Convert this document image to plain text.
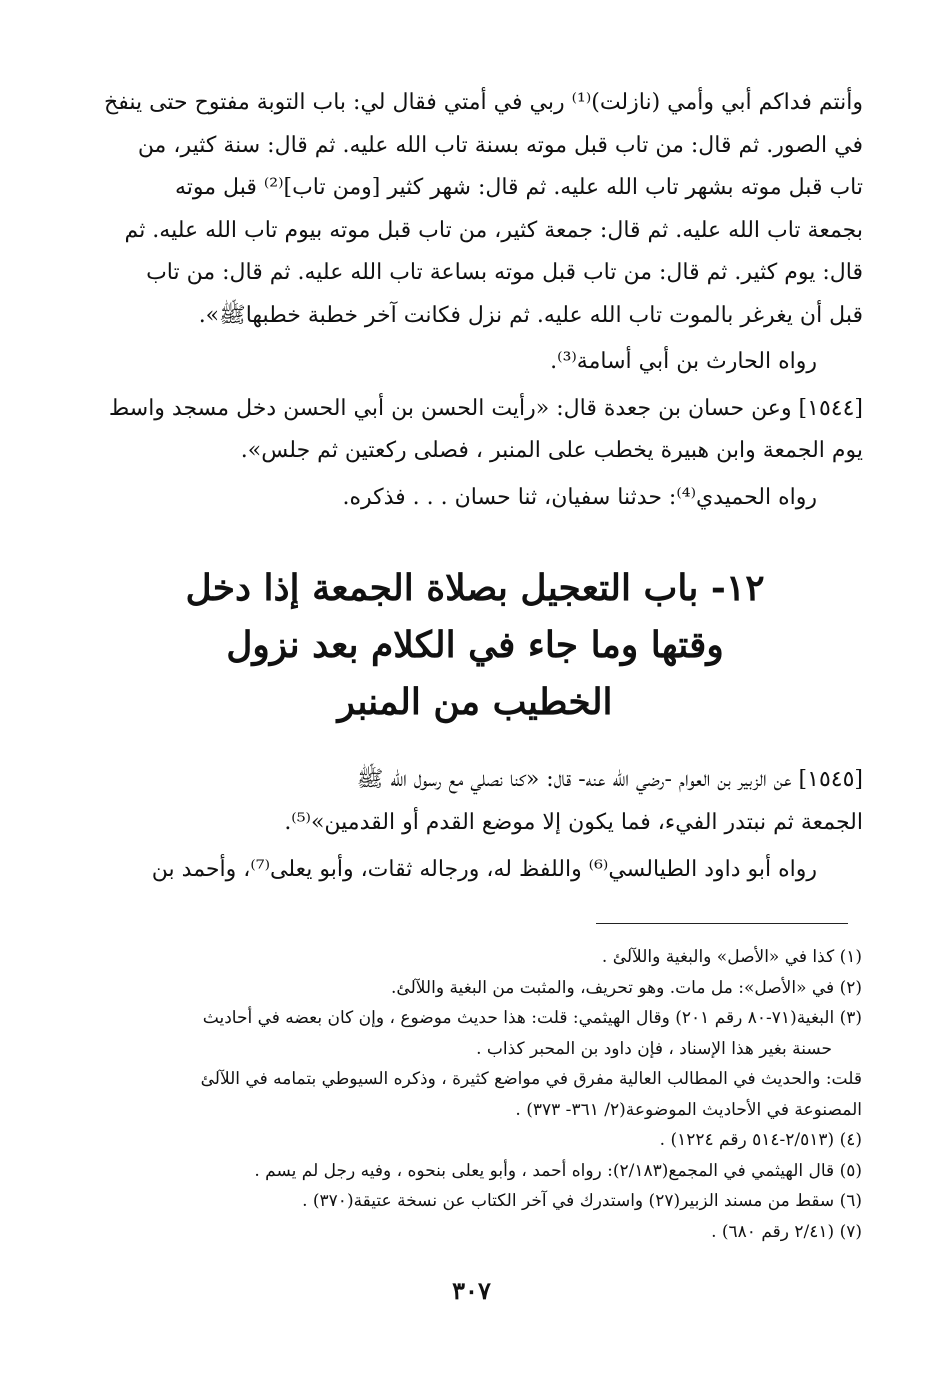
وأنتم فداكم أبي وأمي (نازلت)⁽¹⁾ ربي في أمتي فقال لي: باب التوبة مفتوح حتى ينفخ
في الصور. ثم قال: من تاب قبل موته بسنة تاب الله عليه. ثم قال: سنة كثير، من
تاب قبل موته بشهر تاب الله عليه. ثم قال: شهر كثير [ومن تاب]⁽²⁾ قبل موته
بجمعة تاب الله عليه. ثم قال: جمعة كثير، من تاب قبل موته بيوم تاب الله عليه. ثم
قال: يوم كثير. ثم قال: من تاب قبل موته بساعة تاب الله عليه. ثم قال: من تاب
قبل أن يغرغر بالموت تاب الله عليه. ثم نزل فكانت آخر خطبة خطبهاﷺ».
رواه الحارث بن أبي أسامة⁽³⁾.
[١٥٤٤] وعن حسان بن جعدة قال: «رأيت الحسن بن أبي الحسن دخل مسجد واسط
يوم الجمعة وابن هبيرة يخطب على المنبر ، فصلى ركعتين ثم جلس».
رواه الحميدي⁽⁴⁾: حدثنا سفيان، ثنا حسان . . . فذكره.
١٢- باب التعجيل بصلاة الجمعة إذا دخل
وقتها وما جاء في الكلام بعد نزول
الخطيب من المنبر
[١٥٤٥] عن الزبير بن العوام -رضي الله عنه- قال: «كنا نصلي مع رسول الله ﷺ
الجمعة ثم نبتدر الفيء، فما يكون إلا موضع القدم أو القدمين»⁽⁵⁾.
رواه أبو داود الطيالسي⁽⁶⁾ واللفظ له، ورجاله ثقات، وأبو يعلى⁽⁷⁾، وأحمد بن
(١) كذا في «الأصل» والبغية واللآلئ .
(٢) في «الأصل»: مل مات. وهو تحريف، والمثبت من البغية واللآلئ.
(٣) البغية(٧١-٨٠ رقم ٢٠١) وقال الهيثمي: قلت: هذا حديث موضوع ، وإن كان بعضه في أحاديث
حسنة بغير هذا الإسناد ، فإن داود بن المحبر كذاب .
قلت: والحديث في المطالب العالية مفرق في مواضع كثيرة ، وذكره السيوطي بتمامه في اللآلئ
المصنوعة في الأحاديث الموضوعة(٢/ ٣٦١- ٣٧٣) .
(٤) (٢/٥١٣-٥١٤ رقم ١٢٢٤) .
(٥) قال الهيثمي في المجمع(٢/١٨٣): رواه أحمد ، وأبو يعلى بنحوه ، وفيه رجل لم يسم .
(٦) سقط من مسند الزبير(٢٧) واستدرك في آخر الكتاب عن نسخة عتيقة(٣٧٠) .
(٧) (٢/٤١ رقم ٦٨٠) .
٣٠٧
